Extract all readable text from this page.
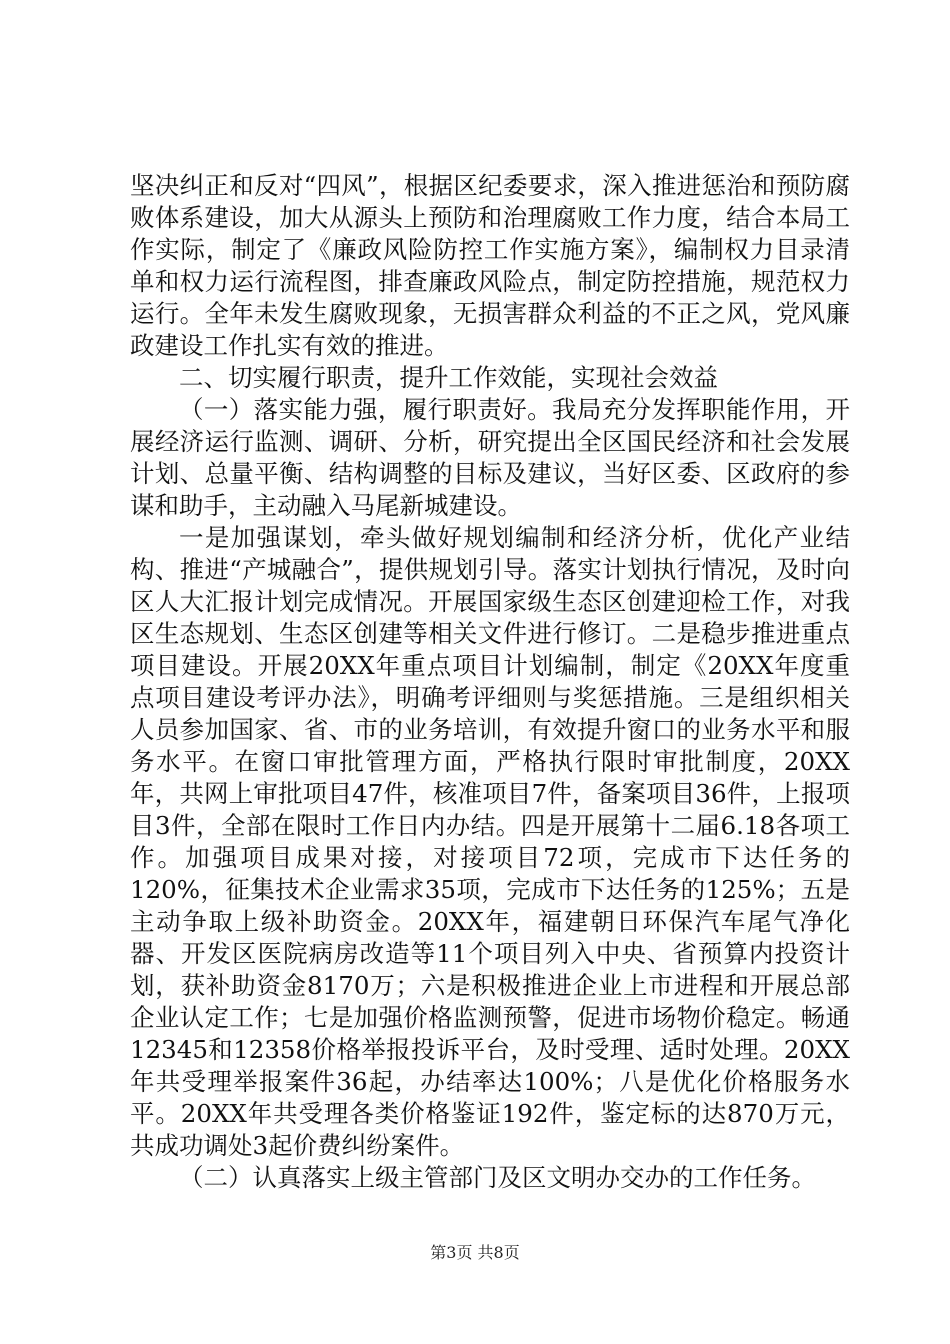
坚决纠正和反对“四风”，根据区纪委要求，深入推进惩治和预防腐败体系建设，加大从源头上预防和治理腐败工作力度，结合本局工作实际，制定了《廉政风险防控工作实施方案》，编制权力目录清单和权力运行流程图，排查廉政风险点，制定防控措施，规范权力运行。全年未发生腐败现象，无损害群众利益的不正之风，党风廉政建设工作扎实有效的推进。

二、切实履行职责，提升工作效能，实现社会效益

（一）落实能力强，履行职责好。我局充分发挥职能作用，开展经济运行监测、调研、分析，研究提出全区国民经济和社会发展计划、总量平衡、结构调整的目标及建议，当好区委、区政府的参谋和助手，主动融入马尾新城建设。

一是加强谋划，牵头做好规划编制和经济分析，优化产业结构、推进“产城融合”，提供规划引导。落实计划执行情况，及时向区人大汇报计划完成情况。开展国家级生态区创建迎检工作，对我区生态规划、生态区创建等相关文件进行修订。二是稳步推进重点项目建设。开展20XX年重点项目计划编制，制定《20XX年度重点项目建设考评办法》，明确考评细则与奖惩措施。三是组织相关人员参加国家、省、市的业务培训，有效提升窗口的业务水平和服务水平。在窗口审批管理方面，严格执行限时审批制度，20XX年，共网上审批项目47件，核准项目7件，备案项目36件，上报项目3件，全部在限时工作日内办结。四是开展第十二届6.18各项工作。加强项目成果对接，对接项目72项，完成市下达任务的120%，征集技术企业需求35项，完成市下达任务的125%；五是主动争取上级补助资金。20XX年，福建朝日环保汽车尾气净化器、开发区医院病房改造等11个项目列入中央、省预算内投资计划，获补助资金8170万；六是积极推进企业上市进程和开展总部企业认定工作；七是加强价格监测预警，促进市场物价稳定。畅通12345和12358价格举报投诉平台，及时受理、适时处理。20XX年共受理举报案件36起，办结率达100%；八是优化价格服务水平。20XX年共受理各类价格鉴证192件，鉴定标的达870万元，共成功调处3起价费纠纷案件。

（二）认真落实上级主管部门及区文明办交办的工作任务。

第3页 共8页
